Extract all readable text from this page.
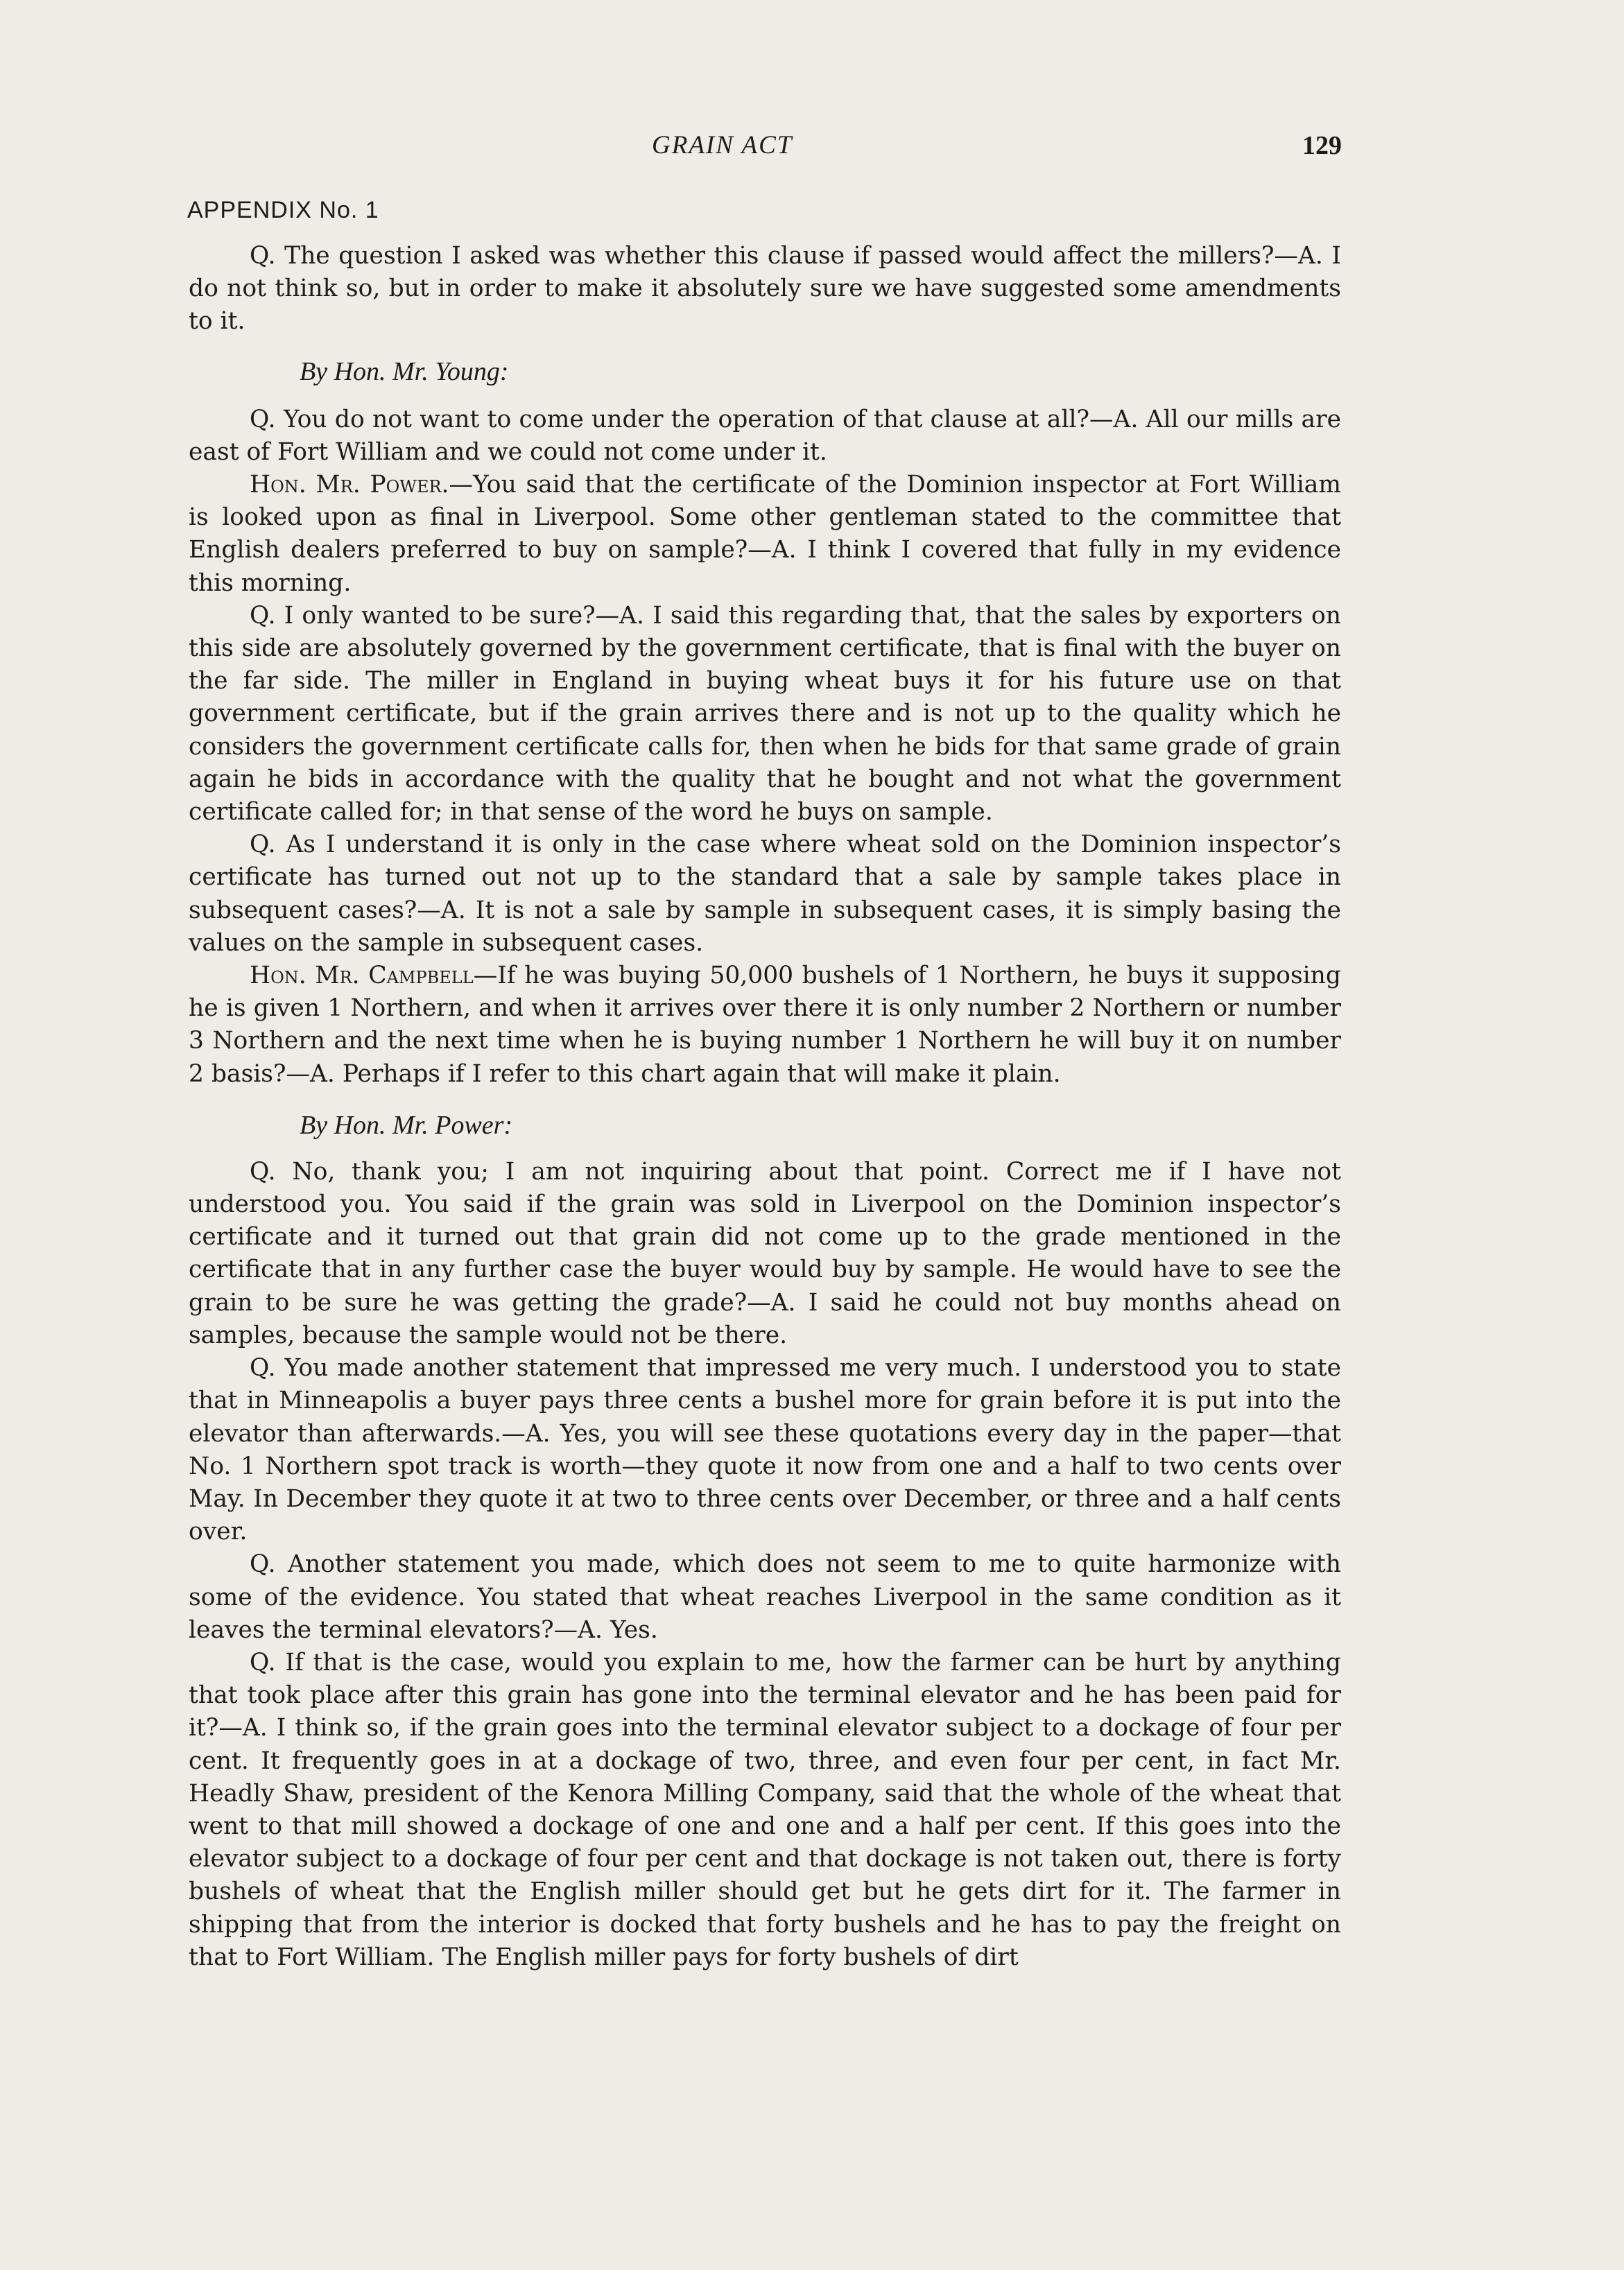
GRAIN ACT	129
APPENDIX No. 1

Q. The question I asked was whether this clause if passed would affect the millers?—A. I do not think so, but in order to make it absolutely sure we have suggested some amendments to it.

By Hon. Mr. Young:

Q. You do not want to come under the operation of that clause at all?—A. All our mills are east of Fort William and we could not come under it.

Hon. Mr. Power.—You said that the certificate of the Dominion inspector at Fort William is looked upon as final in Liverpool. Some other gentleman stated to the committee that English dealers preferred to buy on sample?—A. I think I covered that fully in my evidence this morning.

Q. I only wanted to be sure?—A. I said this regarding that, that the sales by exporters on this side are absolutely governed by the government certificate, that is final with the buyer on the far side. The miller in England in buying wheat buys it for his future use on that government certificate, but if the grain arrives there and is not up to the quality which he considers the government certificate calls for, then when he bids for that same grade of grain again he bids in accordance with the quality that he bought and not what the government certificate called for; in that sense of the word he buys on sample.

Q. As I understand it is only in the case where wheat sold on the Dominion inspector’s certificate has turned out not up to the standard that a sale by sample takes place in subsequent cases?—A. It is not a sale by sample in subsequent cases, it is simply basing the values on the sample in subsequent cases.

Hon. Mr. Campbell—If he was buying 50,000 bushels of 1 Northern, he buys it supposing he is given 1 Northern, and when it arrives over there it is only number 2 Northern or number 3 Northern and the next time when he is buying number 1 Northern he will buy it on number 2 basis?—A. Perhaps if I refer to this chart again that will make it plain.

By Hon. Mr. Power:

Q. No, thank you; I am not inquiring about that point. Correct me if I have not understood you. You said if the grain was sold in Liverpool on the Dominion inspector’s certificate and it turned out that grain did not come up to the grade mentioned in the certificate that in any further case the buyer would buy by sample. He would have to see the grain to be sure he was getting the grade?—A. I said he could not buy months ahead on samples, because the sample would not be there.

Q. You made another statement that impressed me very much. I understood you to state that in Minneapolis a buyer pays three cents a bushel more for grain before it is put into the elevator than afterwards.—A. Yes, you will see these quotations every day in the paper—that No. 1 Northern spot track is worth—they quote it now from one and a half to two cents over May. In December they quote it at two to three cents over December, or three and a half cents over.

Q. Another statement you made, which does not seem to me to quite harmonize with some of the evidence. You stated that wheat reaches Liverpool in the same condition as it leaves the terminal elevators?—A. Yes.

Q. If that is the case, would you explain to me, how the farmer can be hurt by anything that took place after this grain has gone into the terminal elevator and he has been paid for it?—A. I think so, if the grain goes into the terminal elevator subject to a dockage of four per cent. It frequently goes in at a dockage of two, three, and even four per cent, in fact Mr. Headly Shaw, president of the Kenora Milling Company, said that the whole of the wheat that went to that mill showed a dockage of one and one and a half per cent. If this goes into the elevator subject to a dockage of four per cent and that dockage is not taken out, there is forty bushels of wheat that the English miller should get but he gets dirt for it. The farmer in shipping that from the interior is docked that forty bushels and he has to pay the freight on that to Fort William. The English miller pays for forty bushels of dirt
